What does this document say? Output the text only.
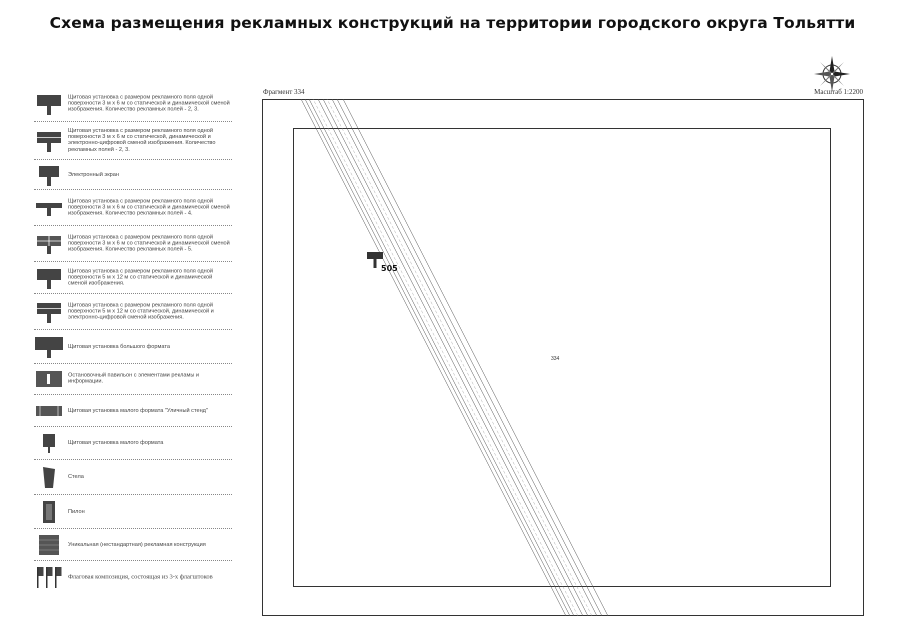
Схема размещения рекламных конструкций на территории городского округа Тольятти
Щитовая установка с размером рекламного поля одной поверхности 3 м х 6 м со статической и динамической сменой изображения. Количество рекламных полей - 2, 3.
Щитовая установка с размером рекламного поля одной поверхности 3 м х 6 м со статической, динамической и электронно-цифровой сменой изображения. Количество рекламных полей - 2, 3.
Электронный экран
Щитовая установка с размером рекламного поля одной поверхности 3 м х 6 м со статической и динамической сменой изображения. Количество рекламных полей - 4.
Щитовая установка с размером рекламного поля одной поверхности 3 м х 6 м со статической и динамической сменой изображения. Количество рекламных полей - 5.
Щитовая установка с размером рекламного поля одной поверхности 5 м х 12 м со статической и динамической сменой изображения.
Щитовая установка с размером рекламного поля одной поверхности 5 м х 12 м со статической, динамической и электронно-цифровой сменой изображения.
Щитовая установка большого формата
Остановочный павильон с элементами рекламы и информации.
Щитовая установка малого формата "Уличный стенд"
Щитовая установка малого формата
Стела
Пилон
Уникальная (нестандартная) рекламная конструкция
Флаговая композиция, состоящая из 3-х флагштоков
Фрагмент 334	Масштаб 1:2200
334
505
